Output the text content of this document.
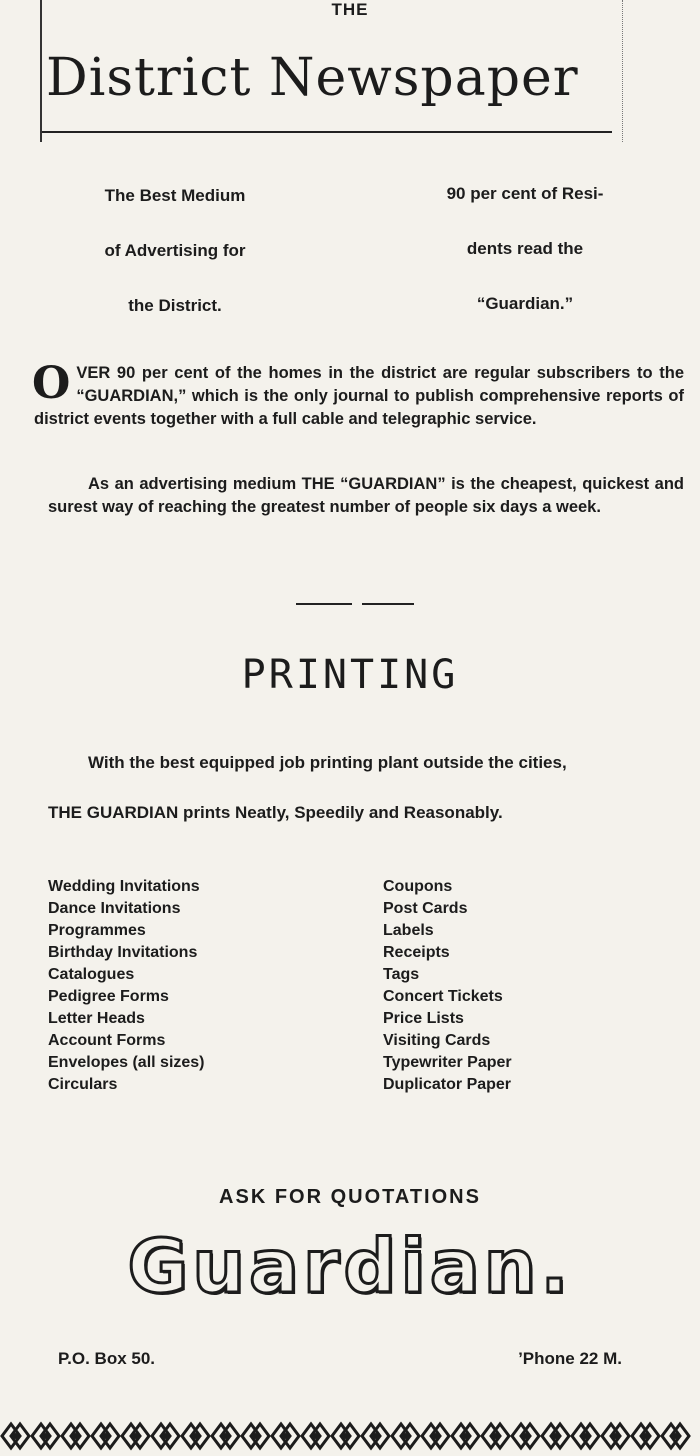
THE
District Newspaper
The Best Medium
of Advertising for
the District.
90 per cent of Resi-
dents read the
“Guardian.”
OVER 90 per cent of the homes in the district are regular subscribers to the “GUARDIAN,” which is the only journal to publish comprehensive reports of district events together with a full cable and telegraphic service.
As an advertising medium THE “GUARDIAN” is the cheapest, quickest and surest way of reaching the greatest number of people six days a week.
PRINTING
With the best equipped job printing plant outside the cities,
THE GUARDIAN prints Neatly, Speedily and Reasonably.
Wedding Invitations
Dance Invitations
Programmes
Birthday Invitations
Catalogues
Pedigree Forms
Letter Heads
Account Forms
Envelopes (all sizes)
Circulars
Coupons
Post Cards
Labels
Receipts
Tags
Concert Tickets
Price Lists
Visiting Cards
Typewriter Paper
Duplicator Paper
ASK FOR QUOTATIONS
Guardian.
P.O. Box 50.	’Phone 22 M.
